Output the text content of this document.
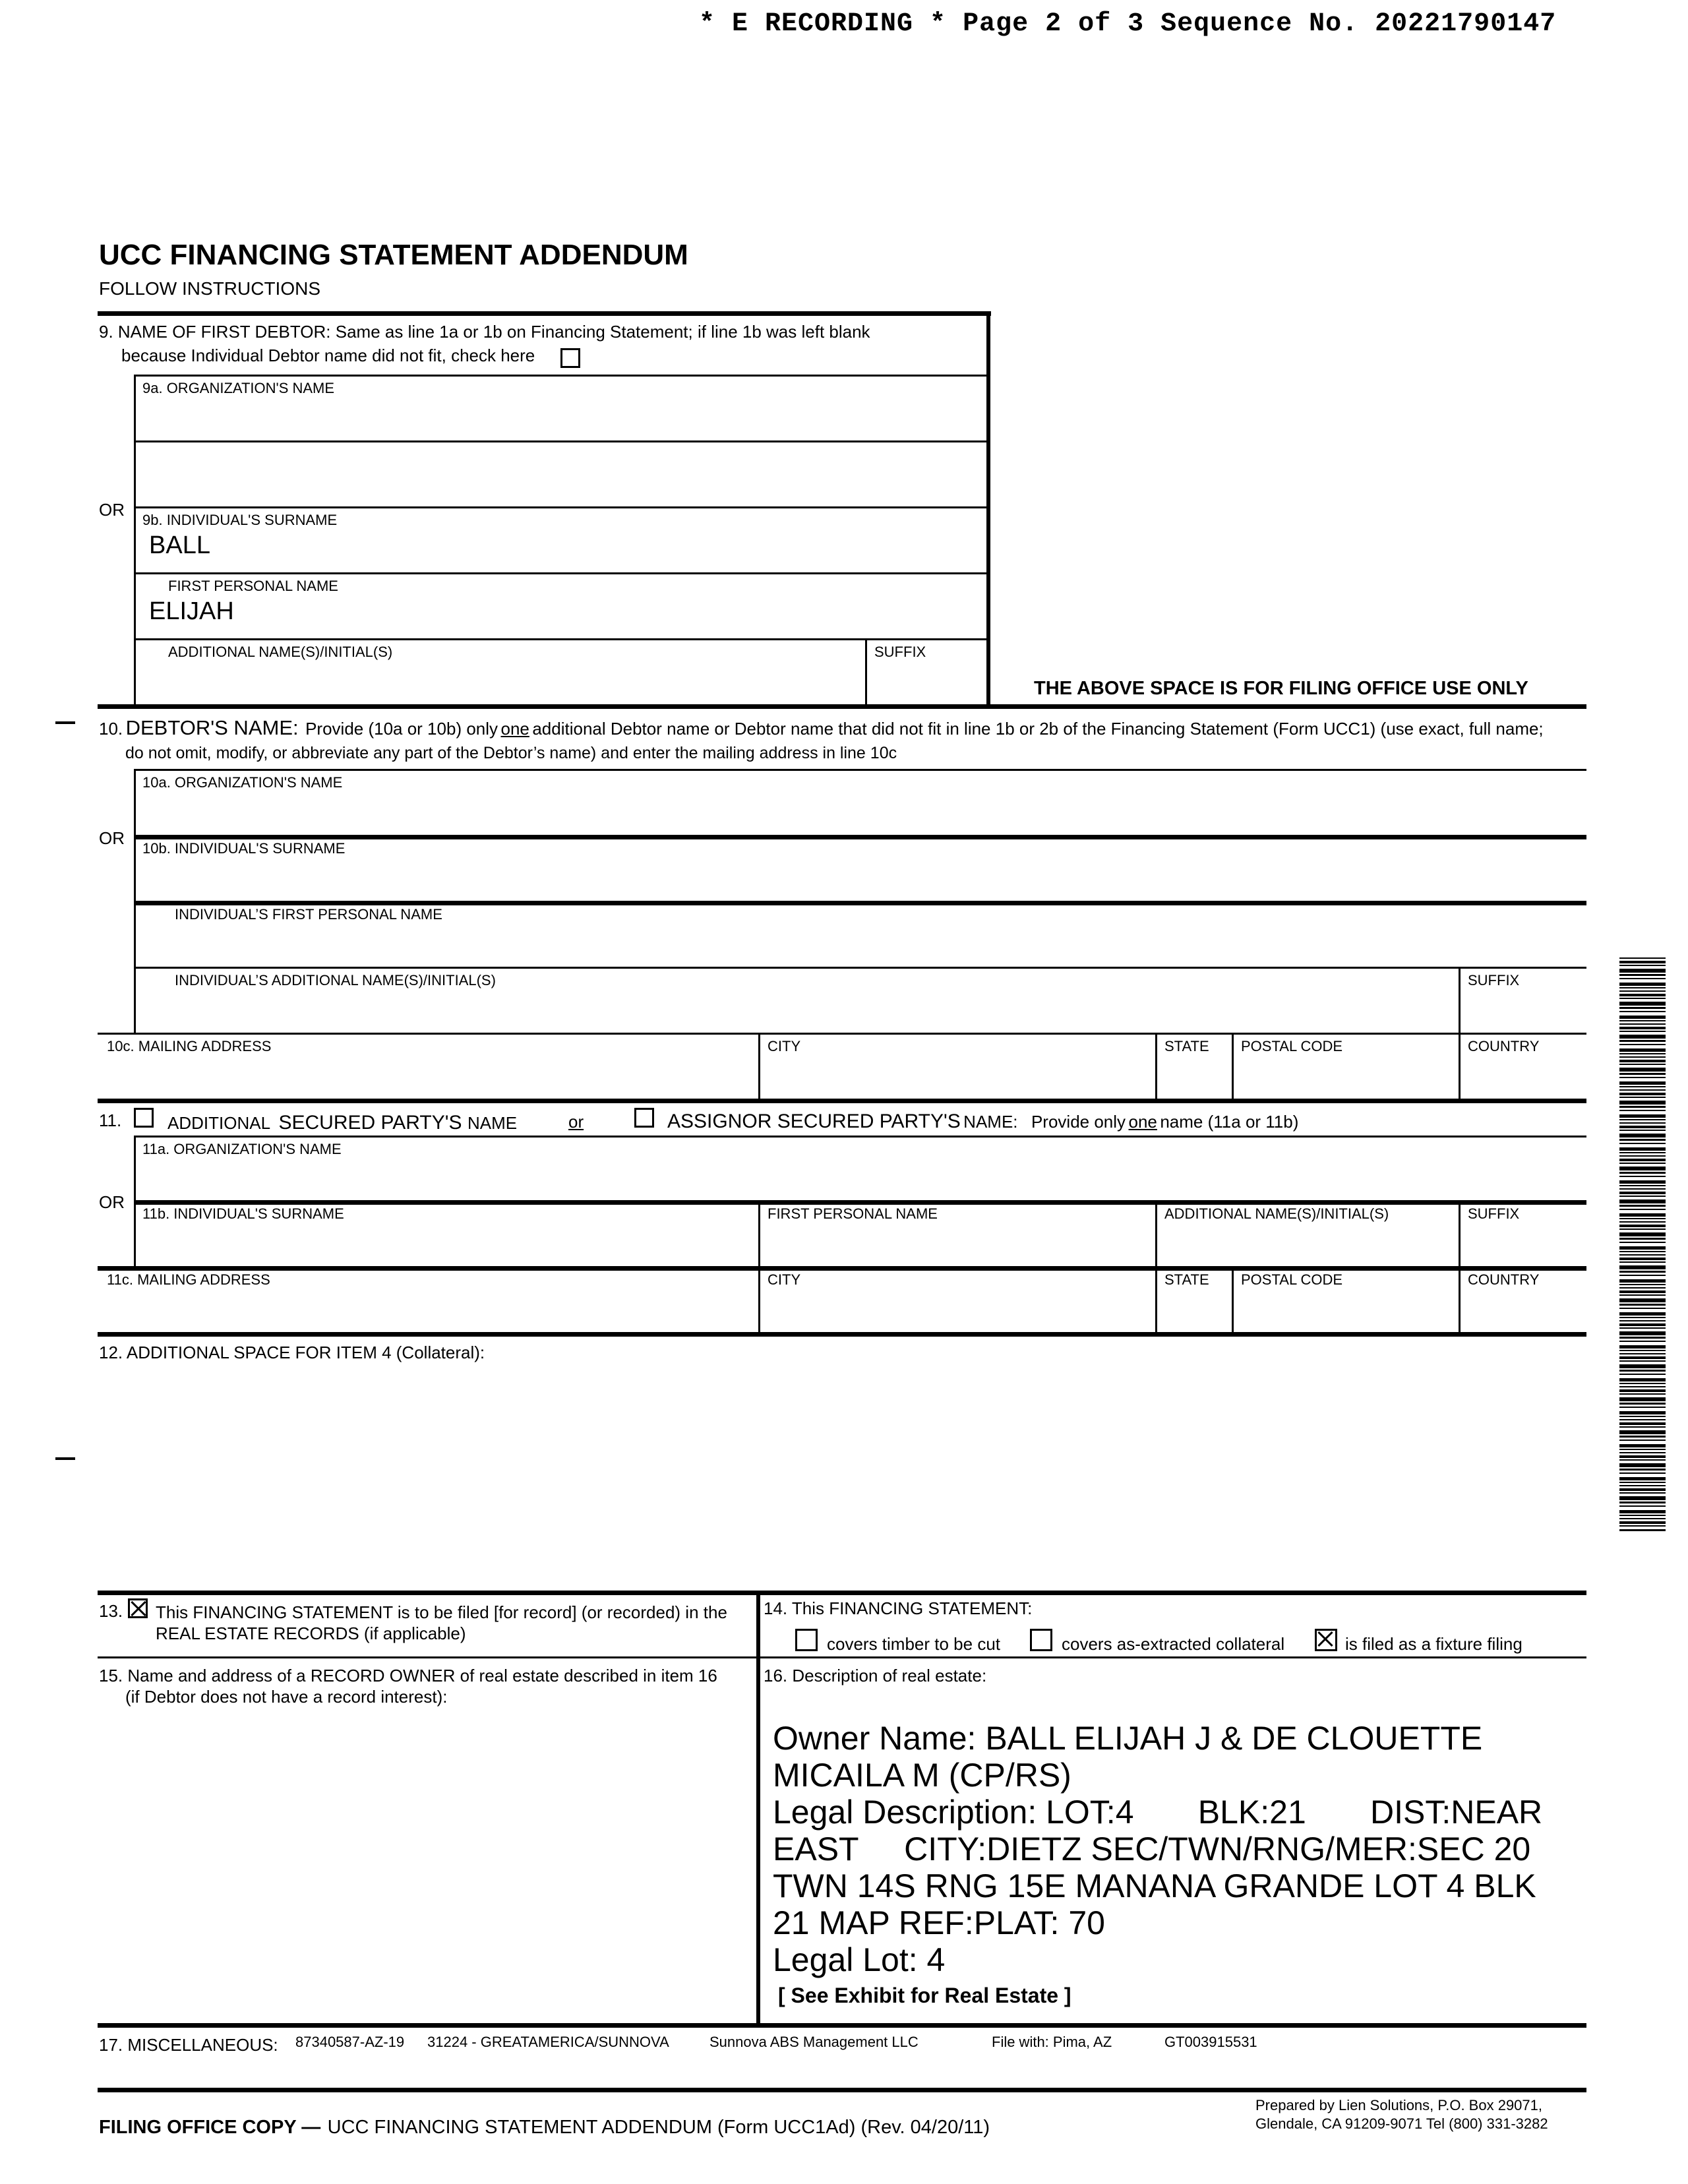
* E RECORDING * Page 2 of 3 Sequence No. 20221790147
UCC FINANCING STATEMENT ADDENDUM
FOLLOW INSTRUCTIONS
9. NAME OF FIRST DEBTOR: Same as line 1a or 1b on Financing Statement; if line 1b was left blank
because Individual Debtor name did not fit, check here
9a. ORGANIZATION'S NAME
OR
9b. INDIVIDUAL'S SURNAME
BALL
FIRST PERSONAL NAME
ELIJAH
ADDITIONAL NAME(S)/INITIAL(S)	SUFFIX
THE ABOVE SPACE IS FOR FILING OFFICE USE ONLY
10. DEBTOR'S NAME: Provide (10a or 10b) only one additional Debtor name or Debtor name that did not fit in line 1b or 2b of the Financing Statement (Form UCC1) (use exact, full name;
do not omit, modify, or abbreviate any part of the Debtor’s name) and enter the mailing address in line 10c
10a. ORGANIZATION'S NAME
OR
10b. INDIVIDUAL'S SURNAME
INDIVIDUAL’S FIRST PERSONAL NAME
INDIVIDUAL’S ADDITIONAL NAME(S)/INITIAL(S)	SUFFIX
10c. MAILING ADDRESS	CITY	STATE POSTAL CODE	COUNTRY
11.	ADDITIONAL SECURED PARTY'S NAME	or	ASSIGNOR SECURED PARTY'S NAME: Provide only one name (11a or 11b)
11a. ORGANIZATION'S NAME
OR
11b. INDIVIDUAL'S SURNAME	FIRST PERSONAL NAME	ADDITIONAL NAME(S)/INITIAL(S)	SUFFIX
11c. MAILING ADDRESS	CITY	STATE POSTAL CODE	COUNTRY
12. ADDITIONAL SPACE FOR ITEM 4 (Collateral):
13. This FINANCING STATEMENT is to be filed [for record] (or recorded) in the
REAL ESTATE RECORDS (if applicable)
14. This FINANCING STATEMENT:
covers timber to be cut	covers as-extracted collateral	is filed as a fixture filing
15. Name and address of a RECORD OWNER of real estate described in item 16
(if Debtor does not have a record interest):
16. Description of real estate:
Owner Name: BALL ELIJAH J & DE CLOUETTE
MICAILA M (CP/RS)
Legal Description: LOT:4       BLK:21       DIST:NEAR
EAST     CITY:DIETZ SEC/TWN/RNG/MER:SEC 20
TWN 14S RNG 15E MANANA GRANDE LOT 4 BLK
21 MAP REF:PLAT: 70
Legal Lot: 4
[ See Exhibit for Real Estate ]
17. MISCELLANEOUS: 87340587-AZ-19 31224 - GREATAMERICA/SUNNOVA	Sunnova ABS Management LLC	File with: Pima, AZ	GT003915531
FILING OFFICE COPY — UCC FINANCING STATEMENT ADDENDUM (Form UCC1Ad) (Rev. 04/20/11)
Prepared by Lien Solutions, P.O. Box 29071,
Glendale, CA 91209-9071 Tel (800) 331-3282
